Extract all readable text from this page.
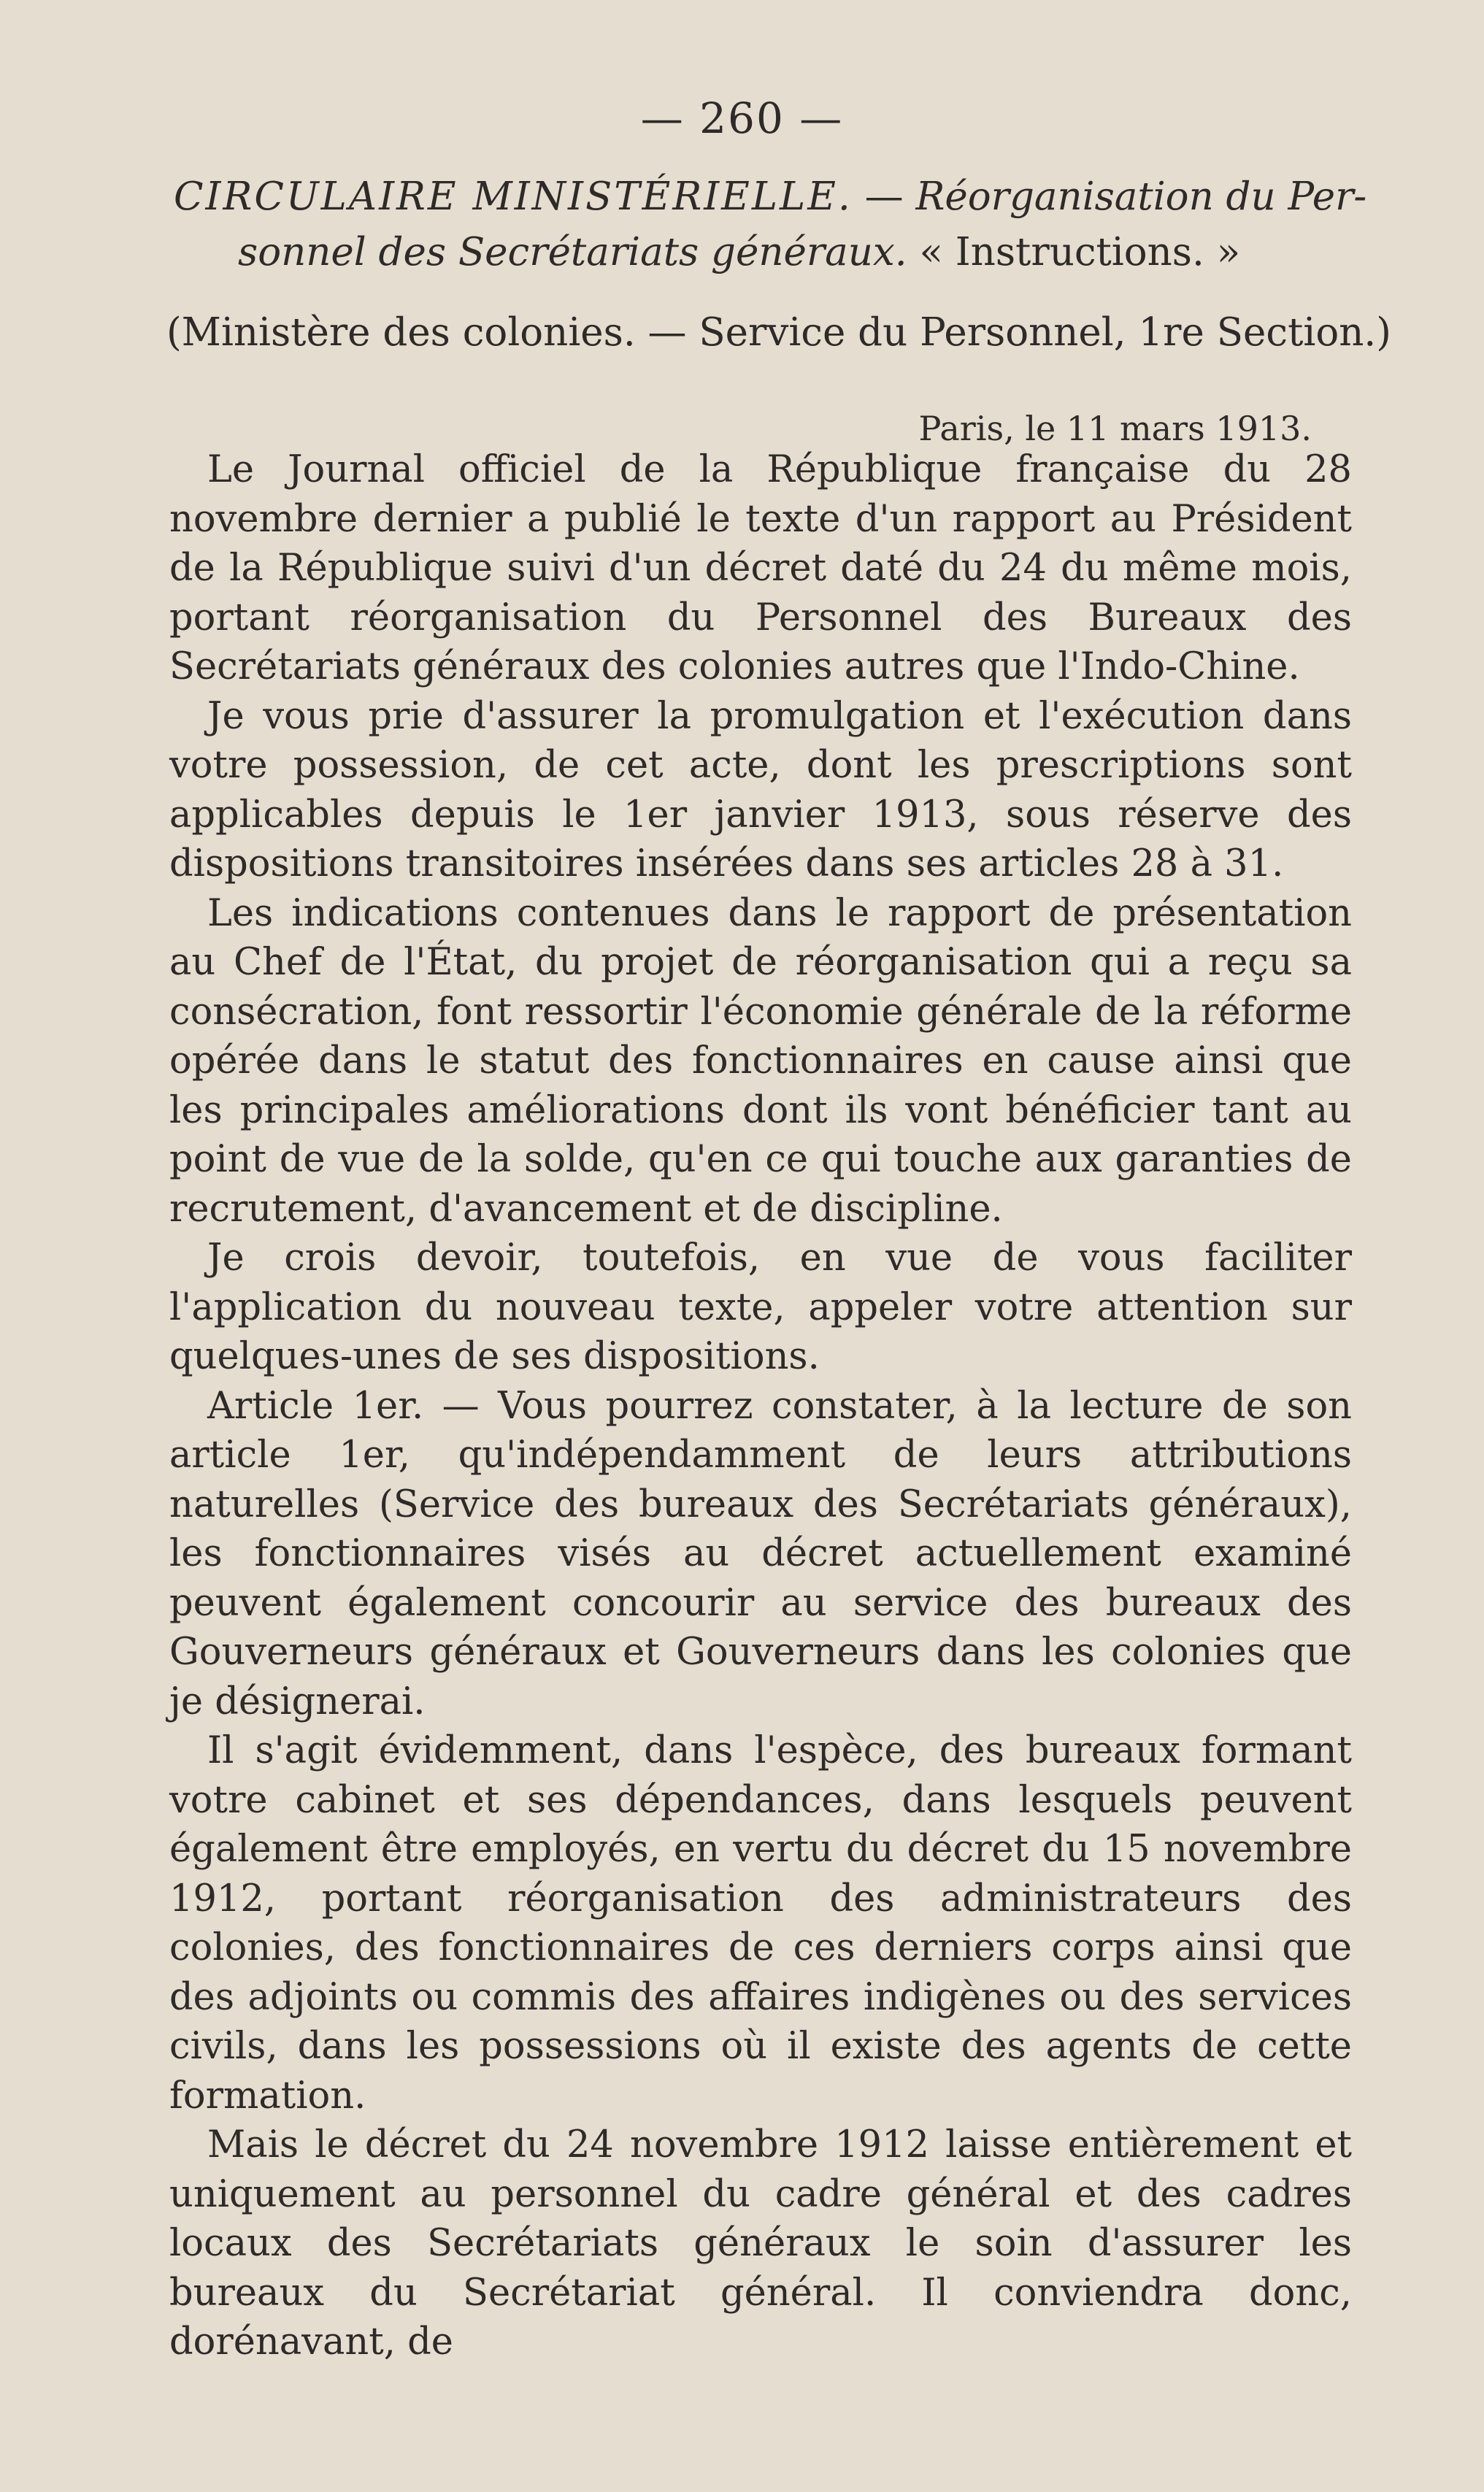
— 260 —
CIRCULAIRE MINISTÉRIELLE. — Réorganisation du Per-
sonnel des Secrétariats généraux. « Instructions. »
(Ministère des colonies. — Service du Personnel, 1re Section.)
Paris, le 11 mars 1913.

Le Journal officiel de la République française du 28 novembre dernier a publié le texte d'un rapport au Président de la République suivi d'un décret daté du 24 du même mois, portant réorganisation du Personnel des Bureaux des Secrétariats généraux des colonies autres que l'Indo-Chine.

Je vous prie d'assurer la promulgation et l'exécution dans votre possession, de cet acte, dont les prescriptions sont applicables depuis le 1er janvier 1913, sous réserve des dispositions transitoires insérées dans ses articles 28 à 31.

Les indications contenues dans le rapport de présentation au Chef de l'État, du projet de réorganisation qui a reçu sa consécration, font ressortir l'économie générale de la réforme opérée dans le statut des fonctionnaires en cause ainsi que les principales améliorations dont ils vont bénéficier tant au point de vue de la solde, qu'en ce qui touche aux garanties de recrutement, d'avancement et de discipline.

Je crois devoir, toutefois, en vue de vous faciliter l'application du nouveau texte, appeler votre attention sur quelques-unes de ses dispositions.

Article 1er. — Vous pourrez constater, à la lecture de son article 1er, qu'indépendamment de leurs attributions naturelles (Service des bureaux des Secrétariats généraux), les fonctionnaires visés au décret actuellement examiné peuvent également concourir au service des bureaux des Gouverneurs généraux et Gouverneurs dans les colonies que je désignerai.

Il s'agit évidemment, dans l'espèce, des bureaux formant votre cabinet et ses dépendances, dans lesquels peuvent également être employés, en vertu du décret du 15 novembre 1912, portant réorganisation des administrateurs des colonies, des fonctionnaires de ces derniers corps ainsi que des adjoints ou commis des affaires indigènes ou des services civils, dans les possessions où il existe des agents de cette formation.

Mais le décret du 24 novembre 1912 laisse entièrement et uniquement au personnel du cadre général et des cadres locaux des Secrétariats généraux le soin d'assurer les bureaux du Secrétariat général. Il conviendra donc, dorénavant, de
